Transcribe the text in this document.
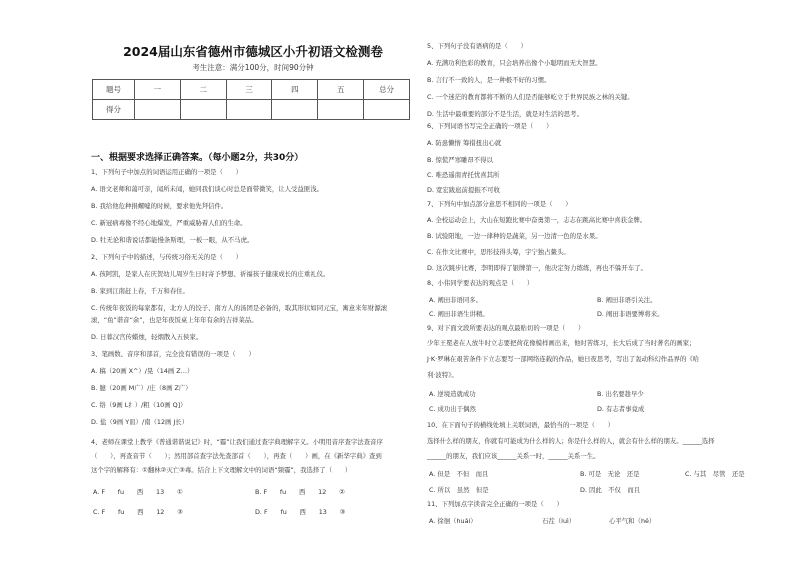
2024届山东省德州市德城区小升初语文检测卷
考生注意：满分100分，时间90分钟
题号	一	二	三	四	五	总分
得分						
一、根据要求选择正确答案。（每小题2分，共30分）
1、下列句子中加点的词语运用正确的一项是（　　）
A. 语文老师和蔼可亲，闻所未闻，她同我们谈心时总是面带微笑，让人受益匪浅。
B. 我给他危种捐螺嘘的时候，要求他先拜信件。
C. 新冠病毒像不经心地爆发，严重威胁着人们的生命。
D. 牡无论和谐说话都能慢条斯理，一板一眼，从不马虎。
2、下列句子中的描述，与传统习俗无关的是（　　）
A. 孩阿凯，是家人在庆贺幼儿周岁生日时寄予梦想、祈福孩子健康成长的庄重礼仪。
B. 家到江南赶上春，千万和春住。
C. 传统年夜饭的每家都有，北方人的饺子、南方人的汤团是必备的，取其形状如同元宝，寓意来年财源滚
滚，“鱼”谐音“余”，也是年夜饭桌上年年有余的吉祥菜品。
D. 日暮汉宫传蜡烛，轻烟散入五侯家。
3、笔画数、音序和部首，完全没有错误的一项是（　　）
A. 稿（20画 X^）/晃（14画 Z…）
B. 臆（20画 M广）/庄（8画 Z广）
C. 络（9画 L纟）/粗（10画 Q]）
D. 盐（9画 Y皿）/南（12画 J长）
4、老师在课堂上教学《普通谐谐说记》时，“霾”让我们通过查字典理解字义。小明用音序查字法查音序
（　　），再查音节（　　）；然用部首查字法先查部首（　　），再查（　　）画，在《新华字典》查到
这个字的解释有：①翻林②灭亡③毒。结合上下文理解文中的词语“频霾”，我选择了（　　）
A. F　　fu　　西　　13　　①	B. F　　fu　　西　　12　　②
C. F　　fu　　西　　12　　③	D. F　　fu　　西　　13　　③
5、下列句子没有语病的是（　　）
A. 充满功利色彩的教育，只会培养出像个小聪明而无大智慧。
B. 言行不一致的人，是一种极不好的习惯。
C. 一个迷茫的教育都将不断的人们是否能够屹立于世界民族之林的关键。
D. 生活中最重要的部分不是生活，就是对生活的思考。
6、下列词语书写完全正确的一项是（　　）
A. 防患懒惰 筹措扭出心就
B. 惊慌严寒雕昂不得以
C. 唯恐遥南青托忧喜其所
D. 宽宏跋扈前提振不可收
7、下列句中加点部分意思不相同的一项是（　　）
A. 全校运动会上，大山在短跑比赛中奋勇第一，志志在跳高比赛中喜获金牌。
B. 试验阳地，一边一律种的是蔬菜，另一边清一色的是水果。
C. 在作文比赛中，思彤技得头筹，宇宁独占鳌头。
D. 这次跳步比赛，李明即得了银牌第一，他决定努力练练，再也不躲开车了。
8、小伟同学要表达的观点是（　　）
A. 阐田非语同多。	B. 阐田非语引关注。
C. 阐田非语生讲精。	D. 阐田非语要博将来。
9、对下面文段所要表达的观点最贴切的一项是（　　）
少年王冕老在人放牛时立志要把荷花像模样画出来，他时苦练习，长大后成了当时著名的画家；
J·K·罗琳在艰苦条件下立志要写一部网络连载的作品，她日夜思考，写出了轰动科幻作品界的《哈
利·波特》。
A. 逆境造就成功	B. 出名要趁早少
C. 成功出于偶然	D. 有志者事竟成
10、在下面句子的横线处填上关联词语，最恰当的一项是（　　）
选择什么样的朋友，你就有可能成为什么样的人；你是什么样的人，就会有什么样的朋友。______选择
______的朋友，我们应该______关系一时，______关系一生。
A. 但是　不但　而且	B. 可是　无论　还是	C. 与其　尽管　还是
C. 所以　虽然　但是	D. 因此　不仅　而且
11、下列加点字读音完全正确的一项是（　　）
A. 徐徊（huái）	石茬（luì）	心平气和（hé）
